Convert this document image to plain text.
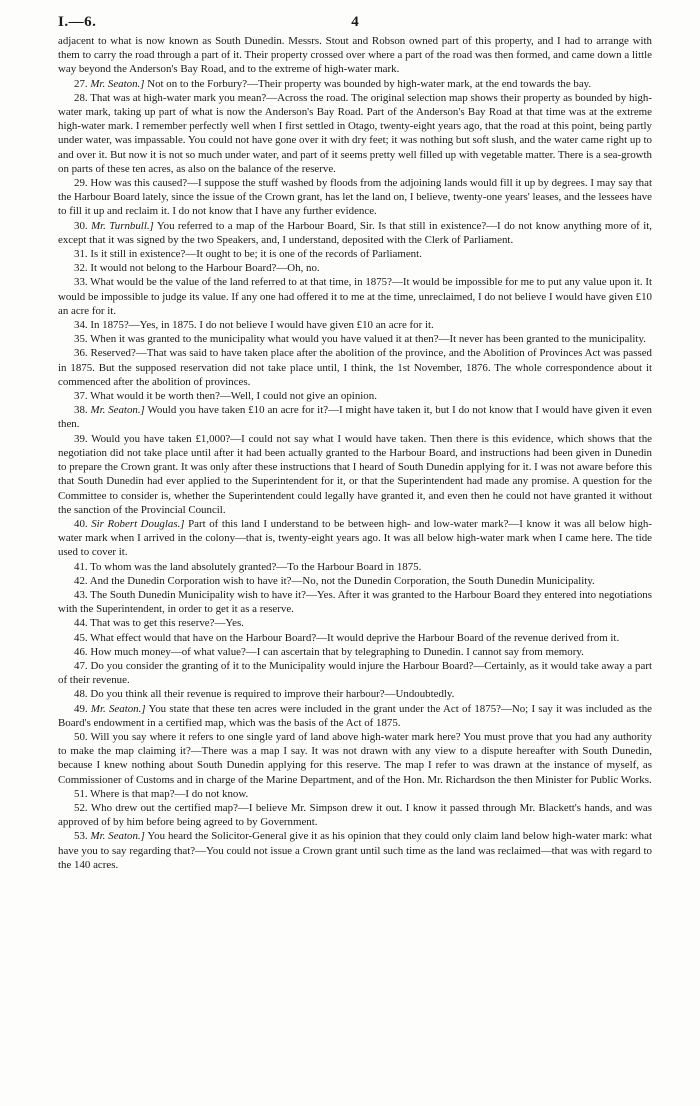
I.—6.	4

adjacent to what is now known as South Dunedin. Messrs. Stout and Robson owned part of this property, and I had to arrange with them to carry the road through a part of it. Their property crossed over where a part of the road was then formed, and came down a little way beyond the Anderson's Bay Road, and to the extreme of high-water mark.

27. Mr. Seaton.] Not on to the Forbury?—Their property was bounded by high-water mark, at the end towards the bay.

28. That was at high-water mark you mean?—Across the road. The original selection map shows their property as bounded by high-water mark, taking up part of what is now the Anderson's Bay Road. Part of the Anderson's Bay Road at that time was at the extreme high-water mark. I remember perfectly well when I first settled in Otago, twenty-eight years ago, that the road at this point, being partly under water, was impassable. You could not have gone over it with dry feet; it was nothing but soft slush, and the water came right up to and over it. But now it is not so much under water, and part of it seems pretty well filled up with vegetable matter. There is a sea-growth on parts of these ten acres, as also on the balance of the reserve.

29. How was this caused?—I suppose the stuff washed by floods from the adjoining lands would fill it up by degrees. I may say that the Harbour Board lately, since the issue of the Crown grant, has let the land on, I believe, twenty-one years' leases, and the lessees have to fill it up and reclaim it. I do not know that I have any further evidence.

30. Mr. Turnbull.] You referred to a map of the Harbour Board, Sir. Is that still in existence?—I do not know anything more of it, except that it was signed by the two Speakers, and, I understand, deposited with the Clerk of Parliament.

31. Is it still in existence?—It ought to be; it is one of the records of Parliament.

32. It would not belong to the Harbour Board?—Oh, no.

33. What would be the value of the land referred to at that time, in 1875?—It would be impossible for me to put any value upon it. It would be impossible to judge its value. If any one had offered it to me at the time, unreclaimed, I do not believe I would have given £10 an acre for it.

34. In 1875?—Yes, in 1875. I do not believe I would have given £10 an acre for it.

35. When it was granted to the municipality what would you have valued it at then?—It never has been granted to the municipality.

36. Reserved?—That was said to have taken place after the abolition of the province, and the Abolition of Provinces Act was passed in 1875. But the supposed reservation did not take place until, I think, the 1st November, 1876. The whole correspondence about it commenced after the abolition of provinces.

37. What would it be worth then?—Well, I could not give an opinion.

38. Mr. Seaton.] Would you have taken £10 an acre for it?—I might have taken it, but I do not know that I would have given it even then.

39. Would you have taken £1,000?—I could not say what I would have taken. Then there is this evidence, which shows that the negotiation did not take place until after it had been actually granted to the Harbour Board, and instructions had been given in Dunedin to prepare the Crown grant. It was only after these instructions that I heard of South Dunedin applying for it. I was not aware before this that South Dunedin had ever applied to the Superintendent for it, or that the Superintendent had made any promise. A question for the Committee to consider is, whether the Superintendent could legally have granted it, and even then he could not have granted it without the sanction of the Provincial Council.

40. Sir Robert Douglas.] Part of this land I understand to be between high- and low-water mark?—I know it was all below high-water mark when I arrived in the colony—that is, twenty-eight years ago. It was all below high-water mark when I came here. The tide used to cover it.

41. To whom was the land absolutely granted?—To the Harbour Board in 1875.

42. And the Dunedin Corporation wish to have it?—No, not the Dunedin Corporation, the South Dunedin Municipality.

43. The South Dunedin Municipality wish to have it?—Yes. After it was granted to the Harbour Board they entered into negotiations with the Superintendent, in order to get it as a reserve.

44. That was to get this reserve?—Yes.

45. What effect would that have on the Harbour Board?—It would deprive the Harbour Board of the revenue derived from it.

46. How much money—of what value?—I can ascertain that by telegraphing to Dunedin. I cannot say from memory.

47. Do you consider the granting of it to the Municipality would injure the Harbour Board?—Certainly, as it would take away a part of their revenue.

48. Do you think all their revenue is required to improve their harbour?—Undoubtedly.

49. Mr. Seaton.] You state that these ten acres were included in the grant under the Act of 1875?—No; I say it was included as the Board's endowment in a certified map, which was the basis of the Act of 1875.

50. Will you say where it refers to one single yard of land above high-water mark here? You must prove that you had any authority to make the map claiming it?—There was a map I say. It was not drawn with any view to a dispute hereafter with South Dunedin, because I knew nothing about South Dunedin applying for this reserve. The map I refer to was drawn at the instance of myself, as Commissioner of Customs and in charge of the Marine Department, and of the Hon. Mr. Richardson the then Minister for Public Works.

51. Where is that map?—I do not know.

52. Who drew out the certified map?—I believe Mr. Simpson drew it out. I know it passed through Mr. Blackett's hands, and was approved of by him before being agreed to by Government.

53. Mr. Seaton.] You heard the Solicitor-General give it as his opinion that they could only claim land below high-water mark: what have you to say regarding that?—You could not issue a Crown grant until such time as the land was reclaimed—that was with regard to the 140 acres.
